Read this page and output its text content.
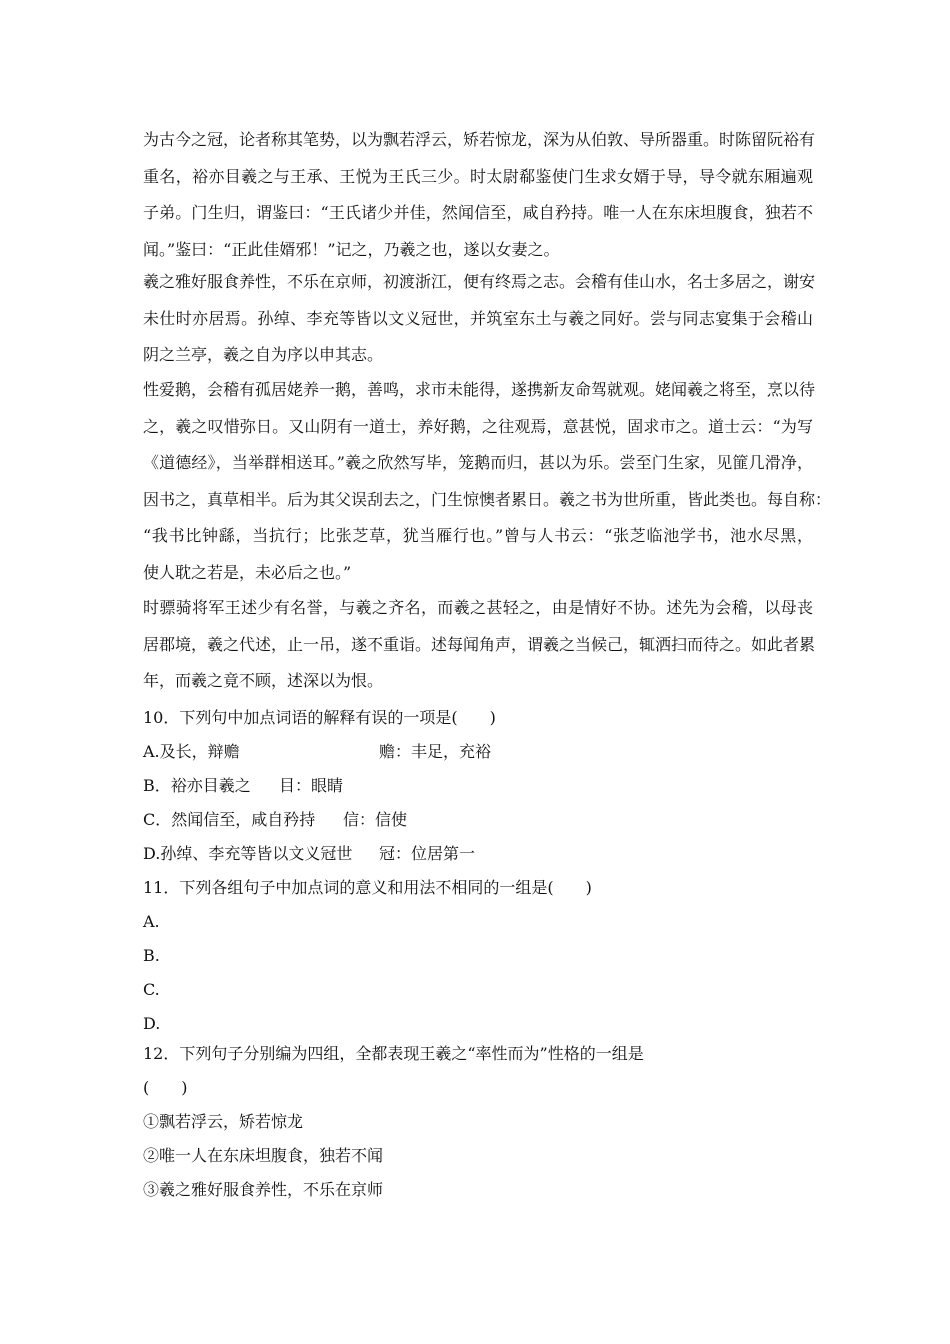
为古今之冠，论者称其笔势，以为飘若浮云，矫若惊龙，深为从伯敦、导所器重。时陈留阮裕有
重名，裕亦目羲之与王承、王悦为王氏三少。时太尉郗鉴使门生求女婿于导，导令就东厢遍观
子弟。门生归，谓鉴曰：“王氏诸少并佳，然闻信至，咸自矜持。唯一人在东床坦腹食，独若不
闻。”鉴曰：“正此佳婿邪！”记之，乃羲之也，遂以女妻之。
羲之雅好服食养性，不乐在京师，初渡浙江，便有终焉之志。会稽有佳山水，名士多居之，谢安
未仕时亦居焉。孙绰、李充等皆以文义冠世，并筑室东土与羲之同好。尝与同志宴集于会稽山
阴之兰亭，羲之自为序以申其志。
性爱鹅，会稽有孤居姥养一鹅，善鸣，求市未能得，遂携新友命驾就观。姥闻羲之将至，烹以待
之，羲之叹惜弥日。又山阴有一道士，养好鹅，之往观焉，意甚悦，固求市之。道士云：“为写
《道德经》，当举群相送耳。”羲之欣然写毕，笼鹅而归，甚以为乐。尝至门生家，见篚几滑净，
因书之，真草相半。后为其父误刮去之，门生惊懊者累日。羲之书为世所重，皆此类也。每自称：
“我书比钟繇，当抗行；比张芝草，犹当雁行也。”曾与人书云：“张芝临池学书，池水尽黑，
使人耽之若是，未必后之也。”
时骠骑将军王述少有名誉，与羲之齐名，而羲之甚轻之，由是情好不协。述先为会稽，以母丧
居郡境，羲之代述，止一吊，遂不重诣。述每闻角声，谓羲之当候己，辄洒扫而待之。如此者累
年，而羲之竟不顾，述深以为恨。
10．下列句中加点词语的解释有误的一项是(　　)
A.及长，辩赡	赡：丰足，充裕
B．裕亦目羲之 目：眼睛
C．然闻信至，咸自矜持 信：信使
D.孙绰、李充等皆以文义冠世 冠：位居第一
11．下列各组句子中加点词的意义和用法不相同的一组是(　　)
A.
B.
C.
D.
12．下列句子分别编为四组，全都表现王羲之“率性而为”性格的一组是
(　　)
①飘若浮云，矫若惊龙
②唯一人在东床坦腹食，独若不闻
③羲之雅好服食养性，不乐在京师
